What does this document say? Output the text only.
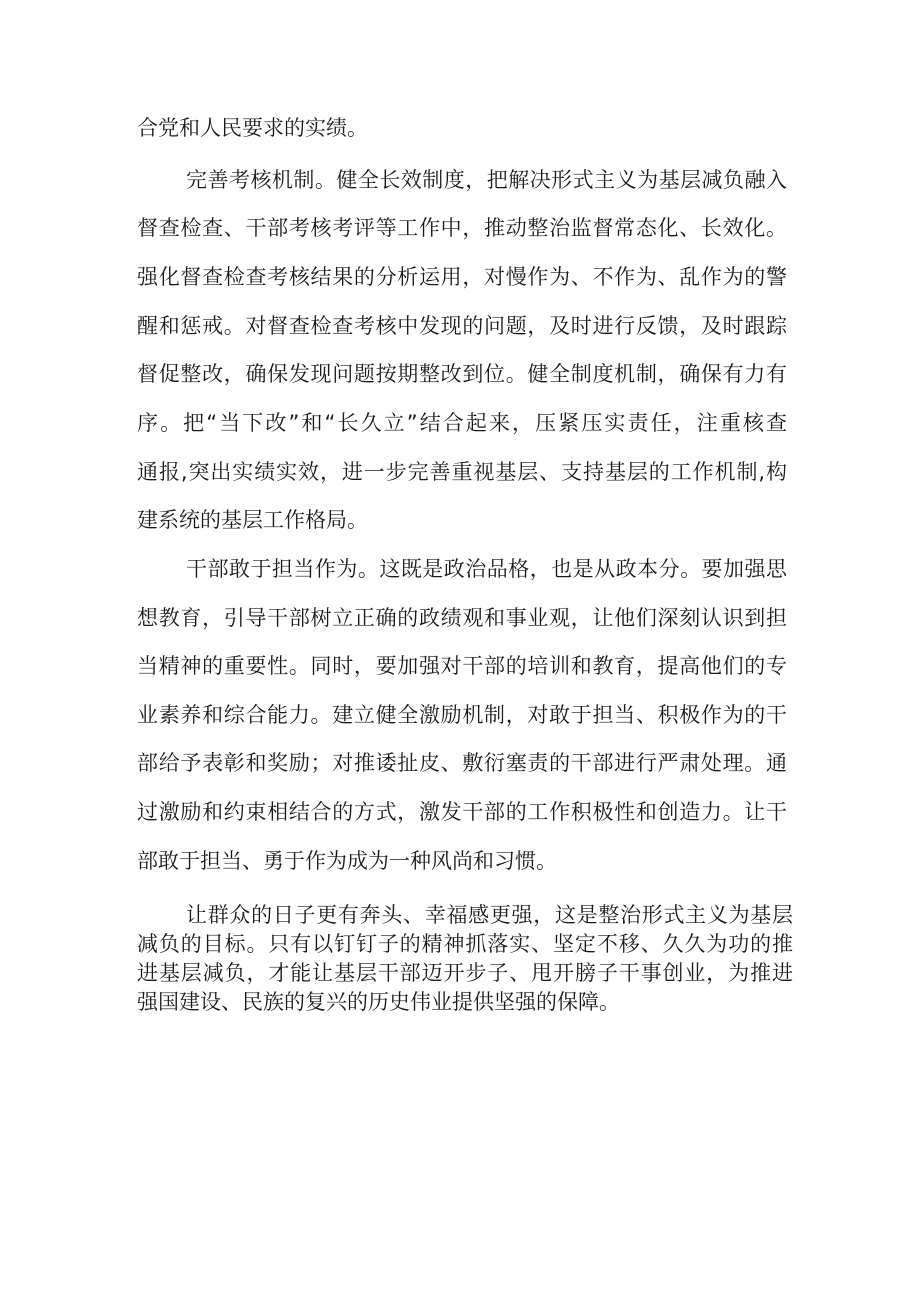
合党和人民要求的实绩。

完善考核机制。健全长效制度，把解决形式主义为基层减负融入

督查检查、干部考核考评等工作中，推动整治监督常态化、长效化。

强化督查检查考核结果的分析运用，对慢作为、不作为、乱作为的警

醒和惩戒。对督查检查考核中发现的问题，及时进行反馈，及时跟踪

督促整改，确保发现问题按期整改到位。健全制度机制，确保有力有

序。把“当下改”和“长久立”结合起来，压紧压实责任，注重核查

通报,突出实绩实效，进一步完善重视基层、支持基层的工作机制,构

建系统的基层工作格局。

干部敢于担当作为。这既是政治品格，也是从政本分。要加强思

想教育，引导干部树立正确的政绩观和事业观，让他们深刻认识到担

当精神的重要性。同时，要加强对干部的培训和教育，提高他们的专

业素养和综合能力。建立健全激励机制，对敢于担当、积极作为的干

部给予表彰和奖励；对推诿扯皮、敷衍塞责的干部进行严肃处理。通

过激励和约束相结合的方式，激发干部的工作积极性和创造力。让干

部敢于担当、勇于作为成为一种风尚和习惯。

让群众的日子更有奔头、幸福感更强，这是整治形式主义为基层

减负的目标。只有以钉钉子的精神抓落实、坚定不移、久久为功的推

进基层减负，才能让基层干部迈开步子、甩开膀子干事创业，为推进

强国建设、民族的复兴的历史伟业提供坚强的保障。
